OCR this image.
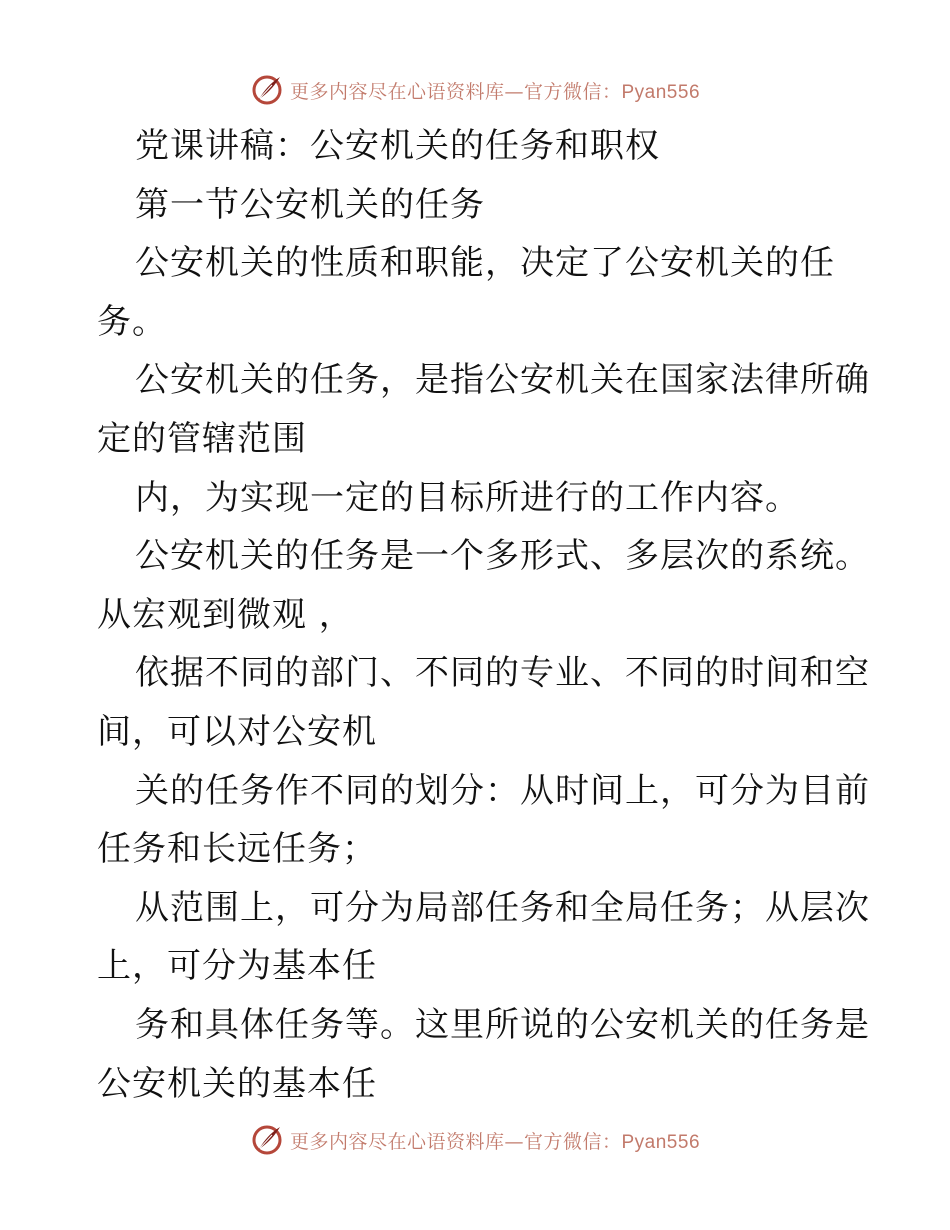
更多内容尽在心语资料库—官方微信：Pyan556
党课讲稿：公安机关的任务和职权
第一节公安机关的任务
公安机关的性质和职能，决定了公安机关的任
务。
公安机关的任务，是指公安机关在国家法律所确
定的管辖范围
内，为实现一定的目标所进行的工作内容。
公安机关的任务是一个多形式、多层次的系统。
从宏观到微观 ，
依据不同的部门、不同的专业、不同的时间和空
间，可以对公安机
关的任务作不同的划分：从时间上，可分为目前
任务和长远任务；
从范围上，可分为局部任务和全局任务；从层次
上，可分为基本任
务和具体任务等。这里所说的公安机关的任务是
公安机关的基本任
更多内容尽在心语资料库—官方微信：Pyan556
